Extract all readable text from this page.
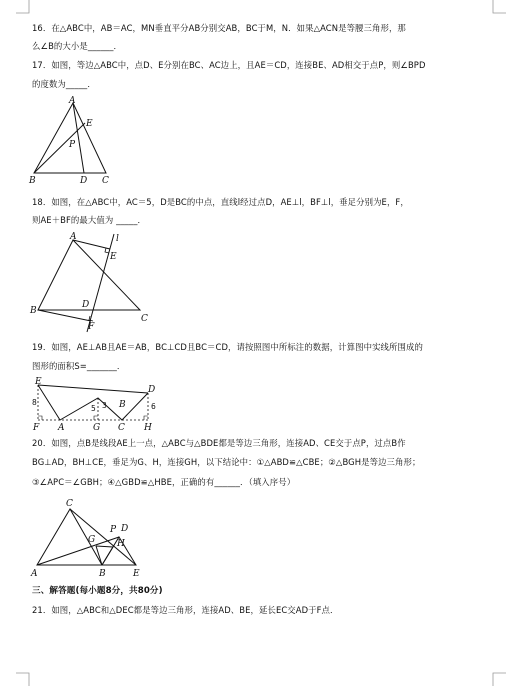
16．在△ABC中，AB＝AC，MN垂直平分AB分别交AB，BC于M，N．如果△ACN是等腰三角形，那
么∠B的大小是______．
17．如图，等边△ABC中，点D、E分别在BC、AC边上，且AE＝CD，连接BE、AD相交于点P，则∠BPD
的度数为_____．
A
E
P
B	D C
18．如图，在△ABC中，AC＝5，D是BC的中点，直线l经过点D，AE⊥l，BF⊥l，垂足分别为E，F，
则AE＋BF的最大值为 _____．
A	l
E
B
D
C
F
19．如图，AE⊥AB且AE＝AB，BC⊥CD且BC＝CD，请按照图中所标注的数据，计算图中实线所围成的
图形的面积S=_______．
E
D
F A	G C H
B
8
5	6
3
20．如图，点B是线段AE上一点，△ABC与△BDE都是等边三角形，连接AD、CE交于点P，过点B作
BG⊥AD，BH⊥CE，垂足为G、H，连接GH，以下结论中：①△ABD≌△CBE；②△BGH是等边三角形；
③∠APC＝∠GBH；④△GBD≌△HBE，正确的有______．（填入序号）
C
P D
G H
A	B	E
三、解答题(每小题8分，共80分)
21．如图，△ABC和△DEC都是等边三角形，连接AD、BE，延长EC交AD于F点．
